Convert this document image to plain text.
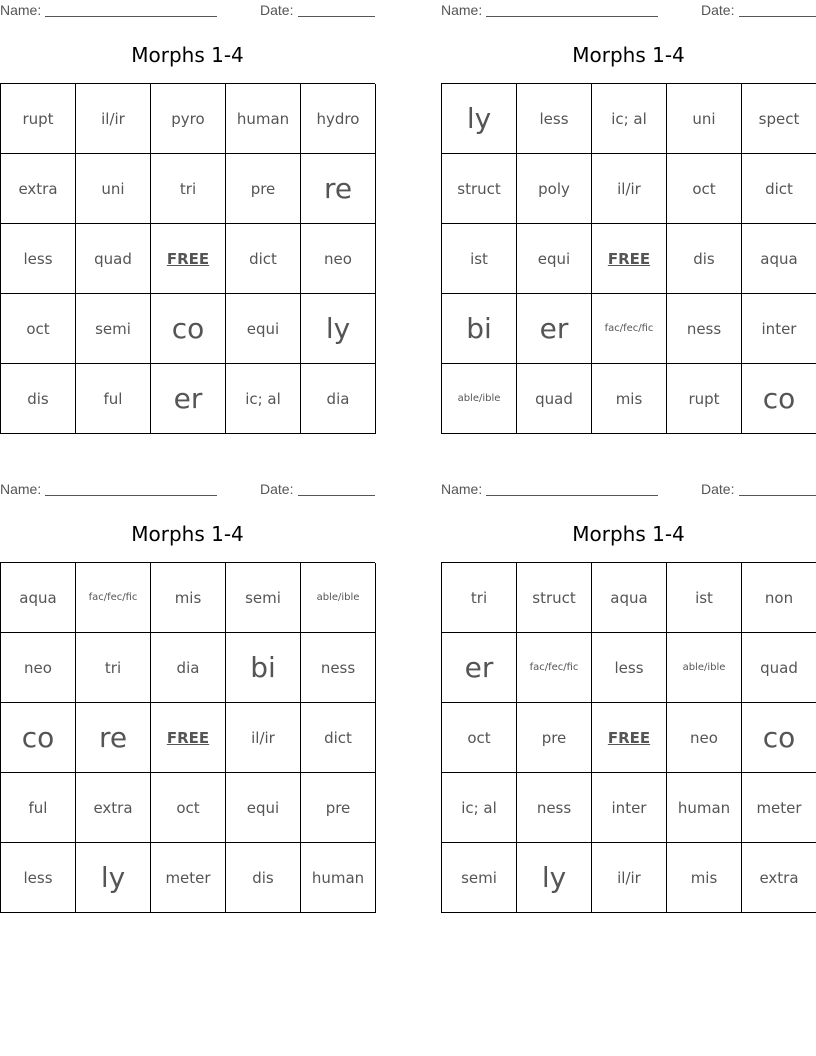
Name:	Date:
Morphs 1-4
rupt	il/ir	pyro	human	hydro
extra	uni	tri	pre	re
less	quad	FREE	dict	neo
oct	semi	co	equi	ly
dis	ful	er	ic; al	dia
Name:	Date:
Morphs 1-4
ly	less	ic; al	uni	spect
struct	poly	il/ir	oct	dict
ist	equi	FREE	dis	aqua
bi	er	fac/fec/fic	ness	inter
able/ible	quad	mis	rupt	co
Name:	Date:
Morphs 1-4
aqua	fac/fec/fic	mis	semi	able/ible
neo	tri	dia	bi	ness
co	re	FREE	il/ir	dict
ful	extra	oct	equi	pre
less	ly	meter	dis	human
Name:	Date:
Morphs 1-4
tri	struct	aqua	ist	non
er	fac/fec/fic	less	able/ible	quad
oct	pre	FREE	neo	co
ic; al	ness	inter	human	meter
semi	ly	il/ir	mis	extra
